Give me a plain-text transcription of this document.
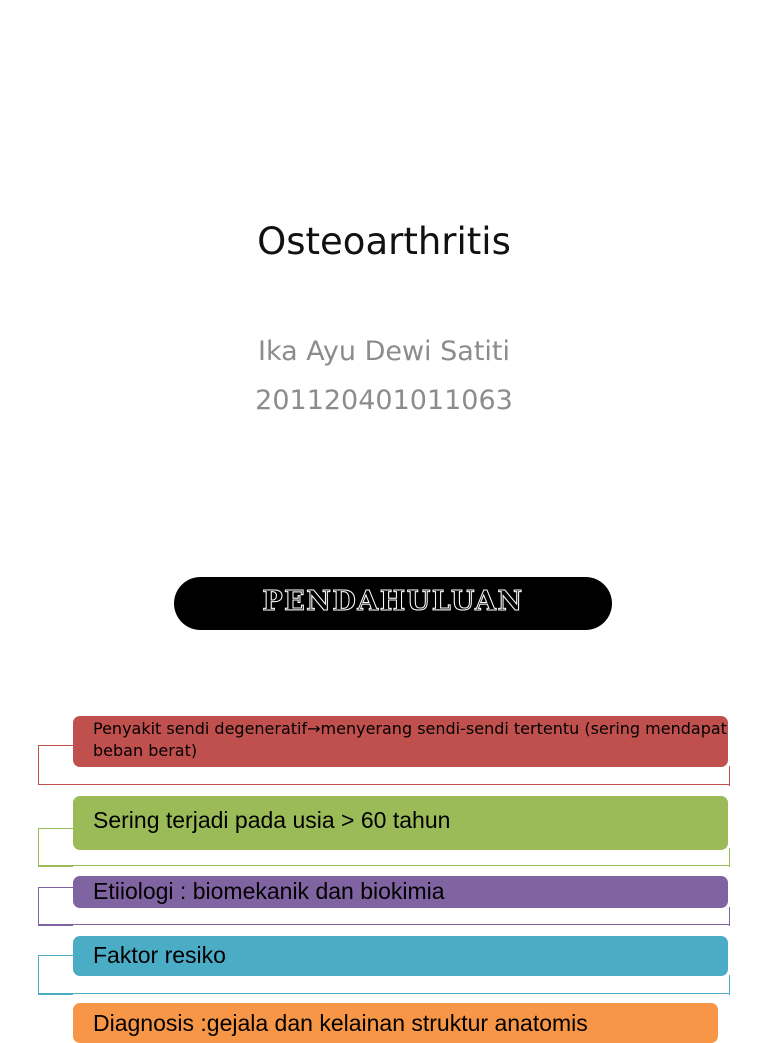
Osteoarthritis
Ika Ayu Dewi Satiti
201120401011063
PENDAHULUAN
Penyakit sendi degeneratif→menyerang sendi-sendi tertentu (sering mendapat beban berat)
Sering terjadi pada usia > 60 tahun
Etiiologi : biomekanik dan biokimia
Faktor resiko
Diagnosis :gejala dan kelainan struktur anatomis
